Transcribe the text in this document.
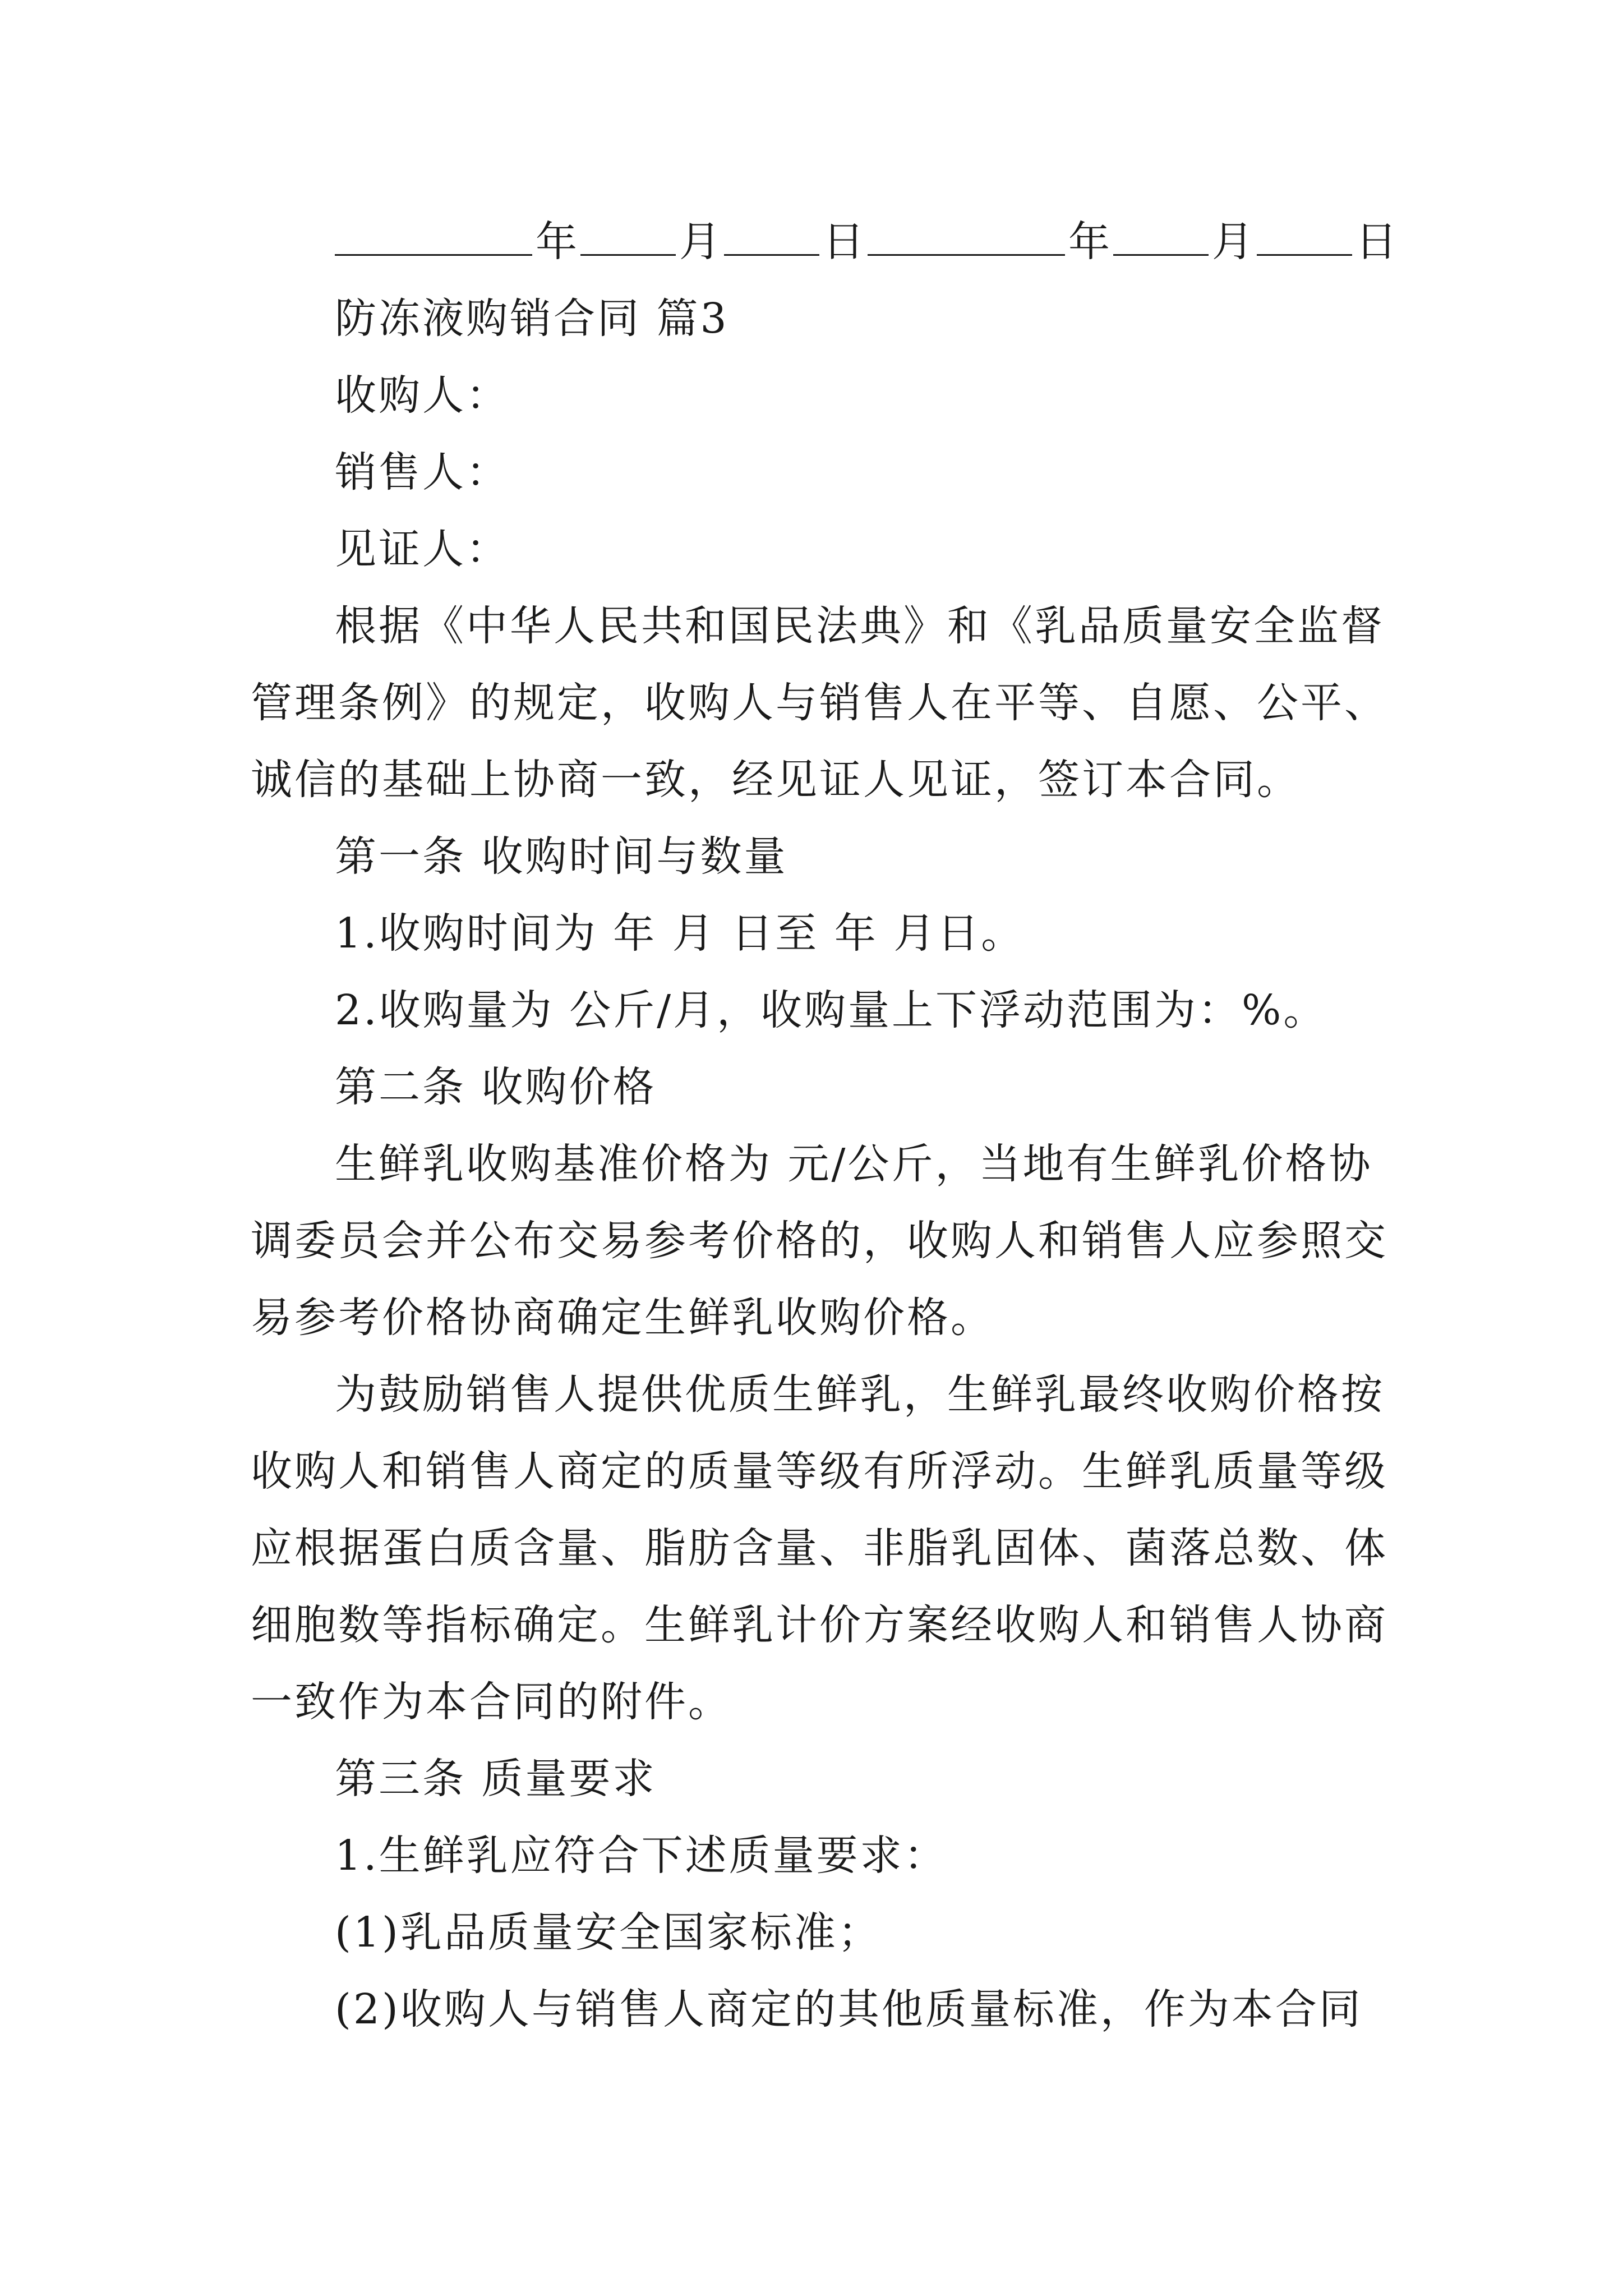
年 月 日	年 月 日
防冻液购销合同 篇3
收购人：
销售人：
见证人：
根据《中华人民共和国民法典》和《乳品质量安全监督
管理条例》的规定，收购人与销售人在平等、自愿、公平、
诚信的基础上协商一致，经见证人见证，签订本合同。
第一条 收购时间与数量
1.收购时间为 年 月 日至 年 月日。
2.收购量为 公斤/月，收购量上下浮动范围为：%。
第二条 收购价格
生鲜乳收购基准价格为 元/公斤，当地有生鲜乳价格协
调委员会并公布交易参考价格的，收购人和销售人应参照交
易参考价格协商确定生鲜乳收购价格。
为鼓励销售人提供优质生鲜乳，生鲜乳最终收购价格按
收购人和销售人商定的质量等级有所浮动。生鲜乳质量等级
应根据蛋白质含量、脂肪含量、非脂乳固体、菌落总数、体
细胞数等指标确定。生鲜乳计价方案经收购人和销售人协商
一致作为本合同的附件。
第三条 质量要求
1.生鲜乳应符合下述质量要求：
(1)乳品质量安全国家标准；
(2)收购人与销售人商定的其他质量标准，作为本合同
